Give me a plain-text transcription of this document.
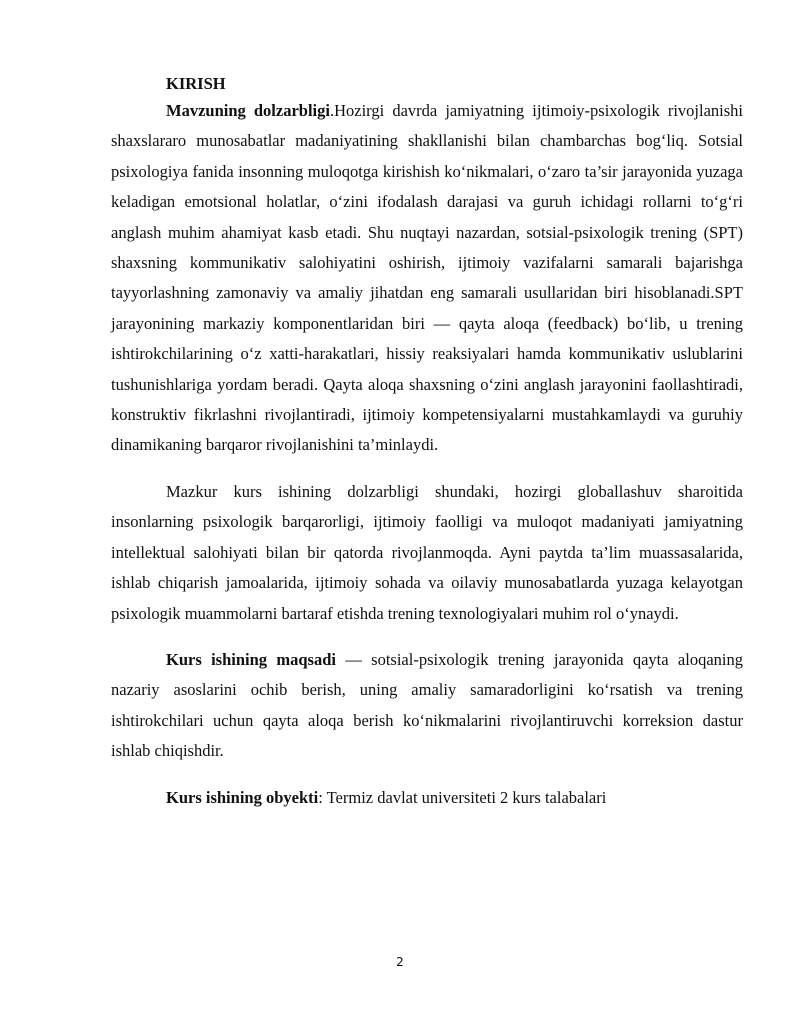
KIRISH

Mavzuning dolzarbligi.Hozirgi davrda jamiyatning ijtimoiy-psixologik rivojlanishi shaxslararo munosabatlar madaniyatining shakllanishi bilan chambarchas bog‘liq. Sotsial psixologiya fanida insonning muloqotga kirishish ko‘nikmalari, o‘zaro ta’sir jarayonida yuzaga keladigan emotsional holatlar, o‘zini ifodalash darajasi va guruh ichidagi rollarni to‘g‘ri anglash muhim ahamiyat kasb etadi. Shu nuqtayi nazardan, sotsial-psixologik trening (SPT) shaxsning kommunikativ salohiyatini oshirish, ijtimoiy vazifalarni samarali bajarishga tayyorlashning zamonaviy va amaliy jihatdan eng samarali usullaridan biri hisoblanadi.SPT jarayonining markaziy komponentlaridan biri — qayta aloqa (feedback) bo‘lib, u trening ishtirokchilarining o‘z xatti-harakatlari, hissiy reaksiyalari hamda kommunikativ uslublarini tushunishlariga yordam beradi. Qayta aloqa shaxsning o‘zini anglash jarayonini faollashtiradi, konstruktiv fikrlashni rivojlantiradi, ijtimoiy kompetensiyalarni mustahkamlaydi va guruhiy dinamikaning barqaror rivojlanishini ta’minlaydi.

Mazkur kurs ishining dolzarbligi shundaki, hozirgi globallashuv sharoitida insonlarning psixologik barqarorligi, ijtimoiy faolligi va muloqot madaniyati jamiyatning intellektual salohiyati bilan bir qatorda rivojlanmoqda. Ayni paytda ta’lim muassasalarida, ishlab chiqarish jamoalarida, ijtimoiy sohada va oilaviy munosabatlarda yuzaga kelayotgan psixologik muammolarni bartaraf etishda trening texnologiyalari muhim rol o‘ynaydi.

Kurs ishining maqsadi — sotsial-psixologik trening jarayonida qayta aloqaning nazariy asoslarini ochib berish, uning amaliy samaradorligini ko‘rsatish va trening ishtirokchilari uchun qayta aloqa berish ko‘nikmalarini rivojlantiruvchi korreksion dastur ishlab chiqishdir.

Kurs ishining obyekti: Termiz davlat universiteti 2 kurs talabalari

2
